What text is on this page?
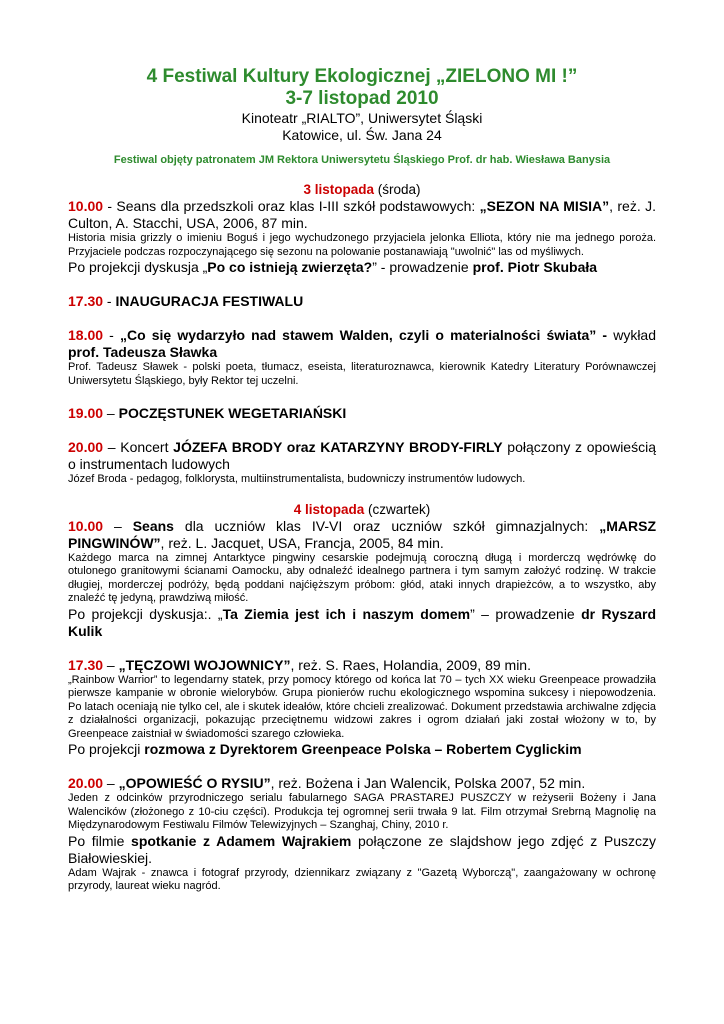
4 Festiwal Kultury Ekologicznej „ZIELONO MI !”
3-7 listopad 2010
Kinoteatr „RIALTO”, Uniwersytet Śląski
Katowice, ul. Św. Jana 24
Festiwal objęty patronatem JM Rektora Uniwersytetu Śląskiego Prof. dr hab. Wiesława Banysia
3 listopada (środa)
10.00 - Seans dla przedszkoli oraz klas I-III szkół podstawowych: „SEZON NA MISIA”, reż. J. Culton, A. Stacchi, USA, 2006, 87 min.
Historia misia grizzly o imieniu Boguś i jego wychudzonego przyjaciela jelonka Elliota, który nie ma jednego poroża. Przyjaciele podczas rozpoczynającego się sezonu na polowanie postanawiają "uwolnić" las od myśliwych.
Po projekcji dyskusja „Po co istnieją zwierzęta?” - prowadzenie prof. Piotr Skubała
17.30 - INAUGURACJA FESTIWALU
18.00 - „Co się wydarzyło nad stawem Walden, czyli o materialności świata” - wykład prof. Tadeusza Sławka
Prof. Tadeusz Sławek - polski poeta, tłumacz, eseista, literaturoznawca, kierownik Katedry Literatury Porównawczej Uniwersytetu Śląskiego, były Rektor tej uczelni.
19.00 – POCZĘSTUNEK WEGETARIAŃSKI
20.00 – Koncert JÓZEFA BRODY oraz KATARZYNY BRODY-FIRLY połączony z opowieścią o instrumentach ludowych
Józef Broda - pedagog, folklorysta, multiinstrumentalista, budowniczy instrumentów ludowych.
4 listopada (czwartek)
10.00 – Seans dla uczniów klas IV-VI oraz uczniów szkół gimnazjalnych: „MARSZ PINGWINÓW”, reż. L. Jacquet, USA, Francja, 2005, 84 min.
Każdego marca na zimnej Antarktyce pingwiny cesarskie podejmują coroczną długą i morderczq wędrówkę do otulonego granitowymi ścianami Oamocku, aby odnaleźć idealnego partnera i tym samym założyć rodzinę. W trakcie długiej, morderczej podróży, będą poddani najćięższym próbom: głód, ataki innych drapieżców, a to wszystko, aby znaleźć tę jedyną, prawdziwą miłość.
Po projekcji dyskusja:. „Ta Ziemia jest ich i naszym domem” – prowadzenie dr Ryszard Kulik
17.30 – „TĘCZOWI WOJOWNICY”, reż. S. Raes, Holandia, 2009, 89 min.
„Rainbow Warrior” to legendarny statek, przy pomocy którego od końca lat 70 – tych XX wieku Greenpeace prowadziła pierwsze kampanie w obronie wielorybów. Grupa pionierów ruchu ekologicznego wspomina sukcesy i niepowodzenia. Po latach oceniają nie tylko cel, ale i skutek ideałów, które chcieli zrealizować. Dokument przedstawia archiwalne zdjęcia z działalności organizacji, pokazując przeciętnemu widzowi zakres i ogrom działań jaki został włożony w to, by Greenpeace zaistniał w świadomości szarego człowieka.
Po projekcji rozmowa z Dyrektorem Greenpeace Polska – Robertem Cyglickim
20.00 – „OPOWIEŚĆ O RYSIU”, reż. Bożena i Jan Walencik, Polska 2007, 52 min.
Jeden z odcinków przyrodniczego serialu fabularnego SAGA PRASTAREJ PUSZCZY w reżyserii Bożeny i Jana Walencików (złożonego z 10-ciu części). Produkcja tej ogromnej serii trwała 9 lat. Film otrzymał Srebrną Magnolię na Międzynarodowym Festiwalu Filmów Telewizyjnych – Szanghaj, Chiny, 2010 r.
Po filmie spotkanie z Adamem Wajrakiem połączone ze slajdshow jego zdjęć z Puszczy Białowieskiej.
Adam Wajrak - znawca i fotograf przyrody, dziennikarz związany z "Gazetą Wyborczą", zaangażowany w ochronę przyrody, laureat wieku nagród.
